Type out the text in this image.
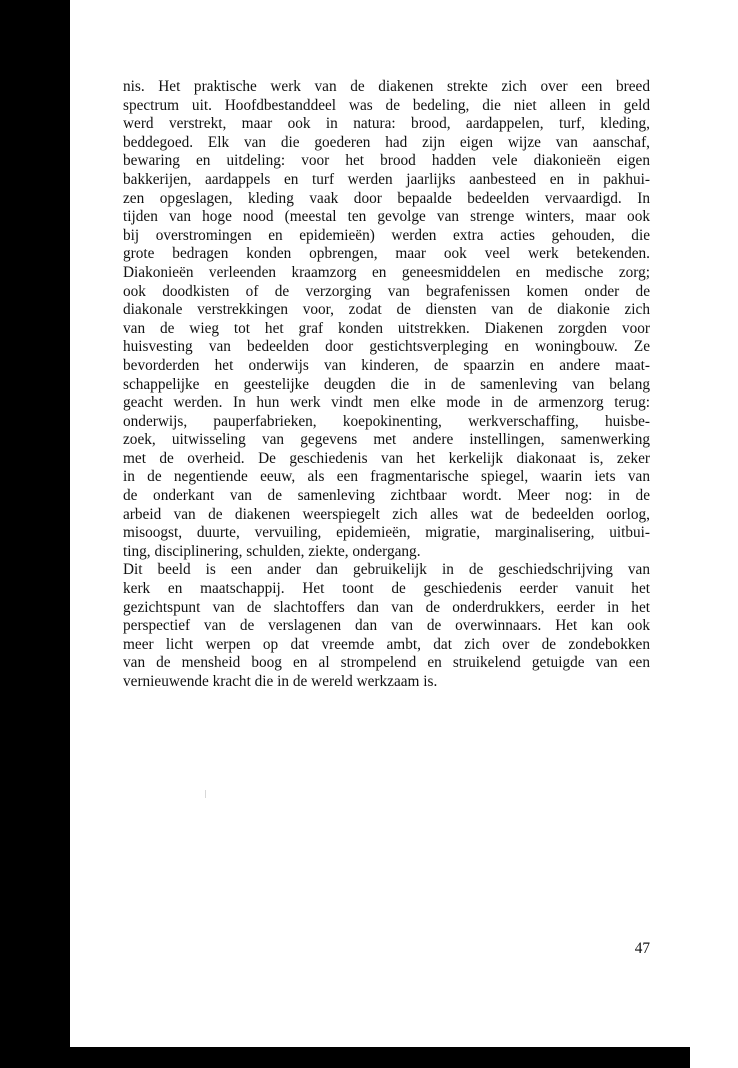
nis. Het praktische werk van de diakenen strekte zich over een breed
spectrum uit. Hoofdbestanddeel was de bedeling, die niet alleen in geld
werd verstrekt, maar ook in natura: brood, aardappelen, turf, kleding,
beddegoed. Elk van die goederen had zijn eigen wijze van aanschaf,
bewaring en uitdeling: voor het brood hadden vele diakonieën eigen
bakkerijen, aardappels en turf werden jaarlijks aanbesteed en in pakhui-
zen opgeslagen, kleding vaak door bepaalde bedeelden vervaardigd. In
tijden van hoge nood (meestal ten gevolge van strenge winters, maar ook
bij overstromingen en epidemieën) werden extra acties gehouden, die
grote bedragen konden opbrengen, maar ook veel werk betekenden.
Diakonieën verleenden kraamzorg en geneesmiddelen en medische zorg;
ook doodkisten of de verzorging van begrafenissen komen onder de
diakonale verstrekkingen voor, zodat de diensten van de diakonie zich
van de wieg tot het graf konden uitstrekken. Diakenen zorgden voor
huisvesting van bedeelden door gestichtsverpleging en woningbouw. Ze
bevorderden het onderwijs van kinderen, de spaarzin en andere maat-
schappelijke en geestelijke deugden die in de samenleving van belang
geacht werden. In hun werk vindt men elke mode in de armenzorg terug:
onderwijs, pauperfabrieken, koepokinenting, werkverschaffing, huisbe-
zoek, uitwisseling van gegevens met andere instellingen, samenwerking
met de overheid. De geschiedenis van het kerkelijk diakonaat is, zeker
in de negentiende eeuw, als een fragmentarische spiegel, waarin iets van
de onderkant van de samenleving zichtbaar wordt. Meer nog: in de
arbeid van de diakenen weerspiegelt zich alles wat de bedeelden oorlog,
misoogst, duurte, vervuiling, epidemieën, migratie, marginalisering, uitbui-
ting, disciplinering, schulden, ziekte, ondergang.
Dit beeld is een ander dan gebruikelijk in de geschiedschrijving van
kerk en maatschappij. Het toont de geschiedenis eerder vanuit het
gezichtspunt van de slachtoffers dan van de onderdrukkers, eerder in het
perspectief van de verslagenen dan van de overwinnaars. Het kan ook
meer licht werpen op dat vreemde ambt, dat zich over de zondebokken
van de mensheid boog en al strompelend en struikelend getuigde van een
vernieuwende kracht die in de wereld werkzaam is.
47
